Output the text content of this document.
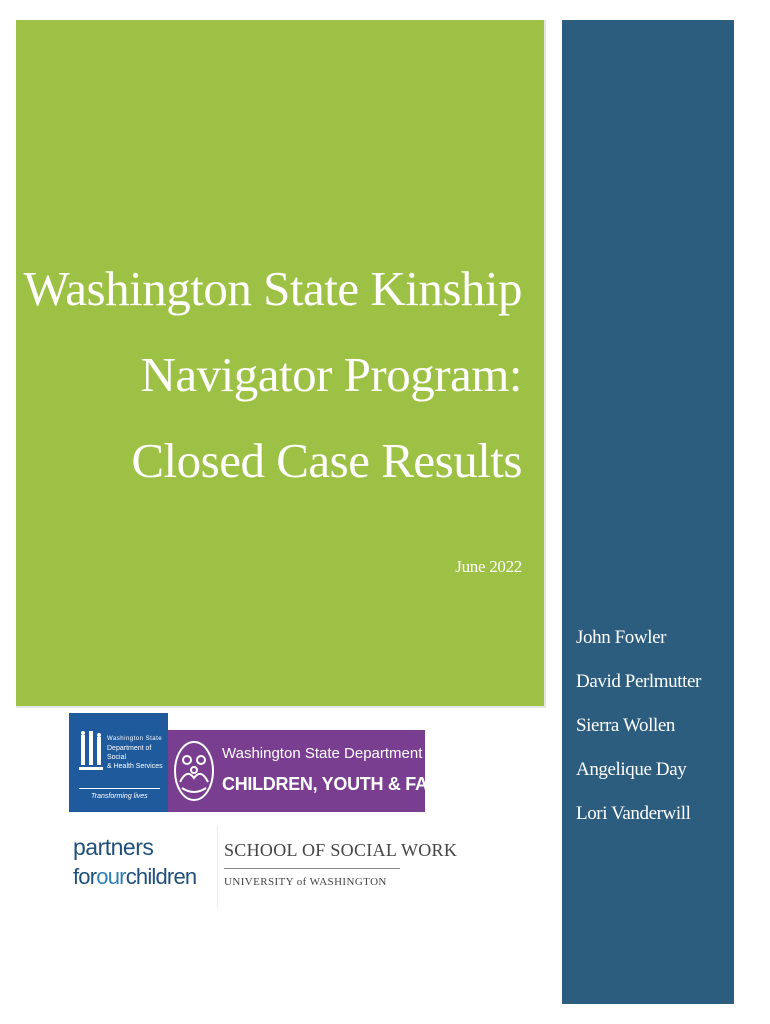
Washington State Kinship
Navigator Program:
Closed Case Results
June 2022
John Fowler
David Perlmutter
Sierra Wollen
Angelique Day
Lori Vanderwill
Washington State
Department of Social
& Health Services
Transforming lives
Washington State Department of
CHILDREN, YOUTH & FAMILIES
partners
forourchildren
SCHOOL OF SOCIAL WORK
UNIVERSITY of WASHINGTON
